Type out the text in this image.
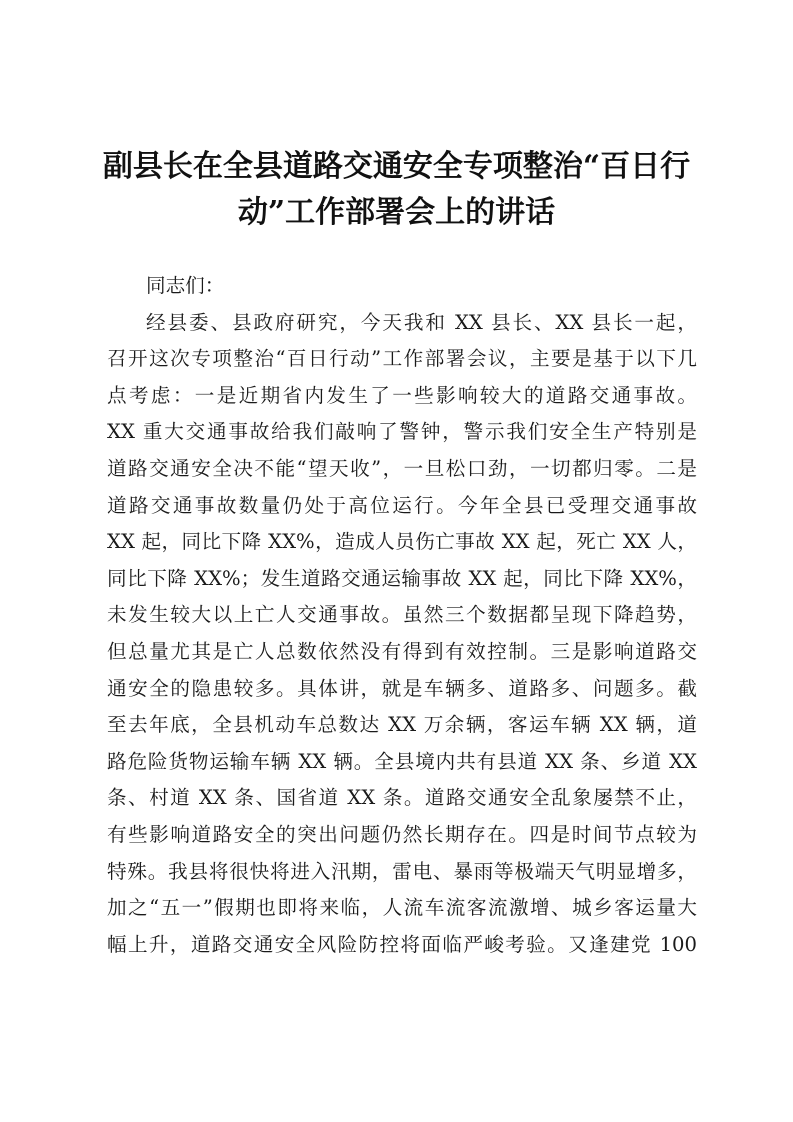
副县长在全县道路交通安全专项整治“百日行
动”工作部署会上的讲话
同志们：
经县委、县政府研究，今天我和 XX 县长、XX 县长一起，
召开这次专项整治“百日行动”工作部署会议，主要是基于以下几
点考虑：一是近期省内发生了一些影响较大的道路交通事故。
XX 重大交通事故给我们敲响了警钟，警示我们安全生产特别是
道路交通安全决不能“望天收”，一旦松口劲，一切都归零。二是
道路交通事故数量仍处于高位运行。今年全县已受理交通事故
XX 起，同比下降 XX%，造成人员伤亡事故 XX 起，死亡 XX 人，
同比下降 XX%；发生道路交通运输事故 XX 起，同比下降 XX%，
未发生较大以上亡人交通事故。虽然三个数据都呈现下降趋势，
但总量尤其是亡人总数依然没有得到有效控制。三是影响道路交
通安全的隐患较多。具体讲，就是车辆多、道路多、问题多。截
至去年底，全县机动车总数达 XX 万余辆，客运车辆 XX 辆，道
路危险货物运输车辆 XX 辆。全县境内共有县道 XX 条、乡道 XX
条、村道 XX 条、国省道 XX 条。道路交通安全乱象屡禁不止，
有些影响道路安全的突出问题仍然长期存在。四是时间节点较为
特殊。我县将很快将进入汛期，雷电、暴雨等极端天气明显增多，
加之“五一”假期也即将来临，人流车流客流激增、城乡客运量大
幅上升，道路交通安全风险防控将面临严峻考验。又逢建党 100
